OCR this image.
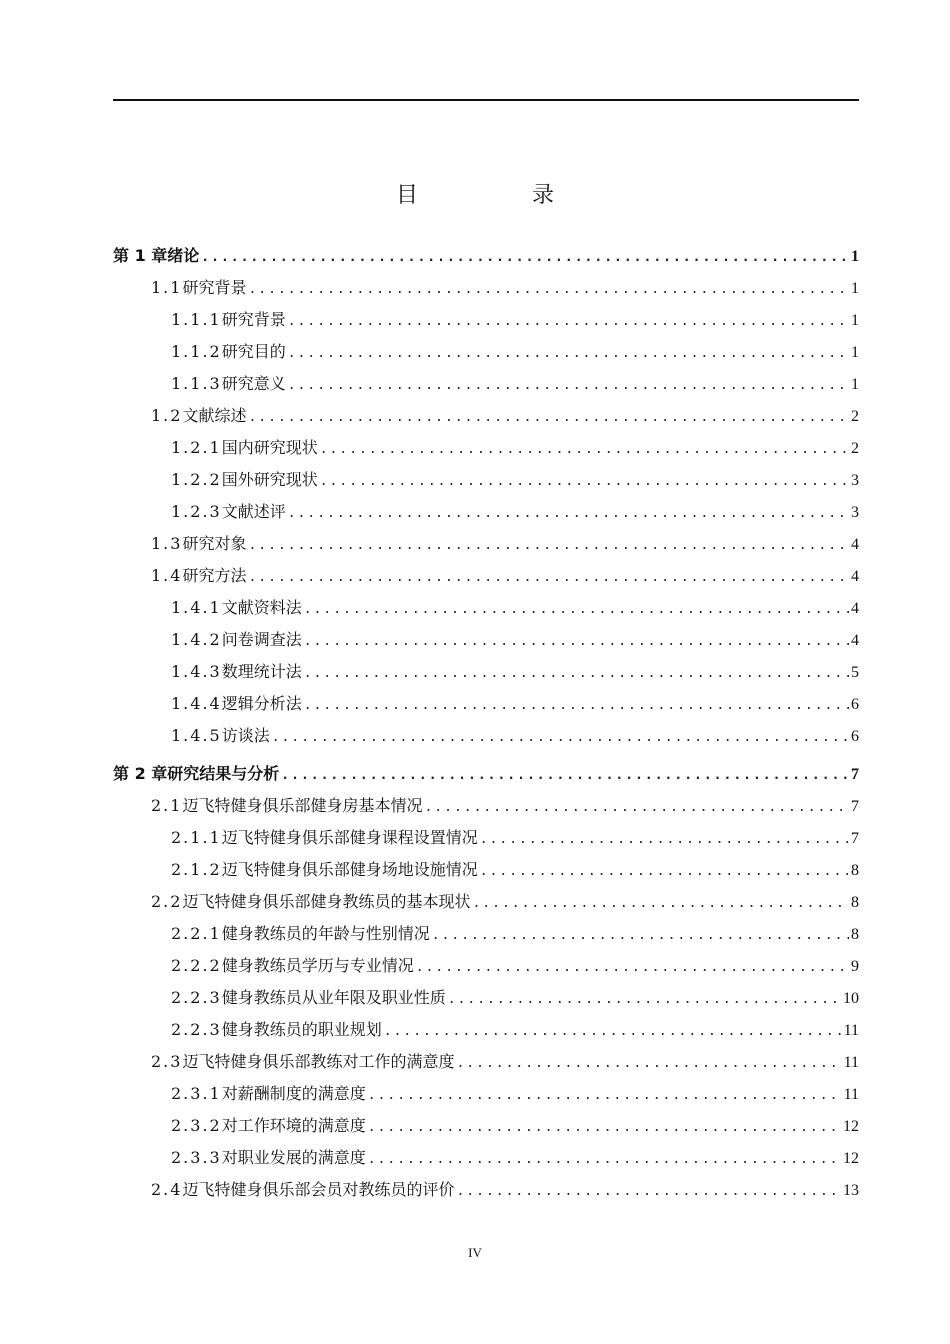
目　录
第 1 章 绪论 .....	1
1.1 研究背景 .....	1
1.1.1 研究背景 .....	1
1.1.2 研究目的 .....	1
1.1.3 研究意义 .....	1
1.2 文献综述 .....	2
1.2.1 国内研究现状 .....	2
1.2.2 国外研究现状 .....	3
1.2.3 文献述评 .....	3
1.3 研究对象 .....	4
1.4 研究方法 .....	4
1.4.1 文献资料法 .....	4
1.4.2 问卷调查法 .....	4
1.4.3 数理统计法 .....	5
1.4.4 逻辑分析法 .....	6
1.4.5 访谈法 .....	6
第 2 章 研究结果与分析 .....	7
2.1 迈飞特健身俱乐部健身房基本情况 .....	7
2.1.1 迈飞特健身俱乐部健身课程设置情况 .....	7
2.1.2 迈飞特健身俱乐部健身场地设施情况 .....	8
2.2 迈飞特健身俱乐部健身教练员的基本现状 .....	8
2.2.1 健身教练员的年龄与性别情况 .....	8
2.2.2 健身教练员学历与专业情况 .....	9
2.2.3 健身教练员从业年限及职业性质 .....	10
2.2.3 健身教练员的职业规划 .....	11
2.3 迈飞特健身俱乐部教练对工作的满意度 .....	11
2.3.1 对薪酬制度的满意度 .....	11
2.3.2 对工作环境的满意度 .....	12
2.3.3 对职业发展的满意度 .....	12
2.4 迈飞特健身俱乐部会员对教练员的评价 .....	13
IV
